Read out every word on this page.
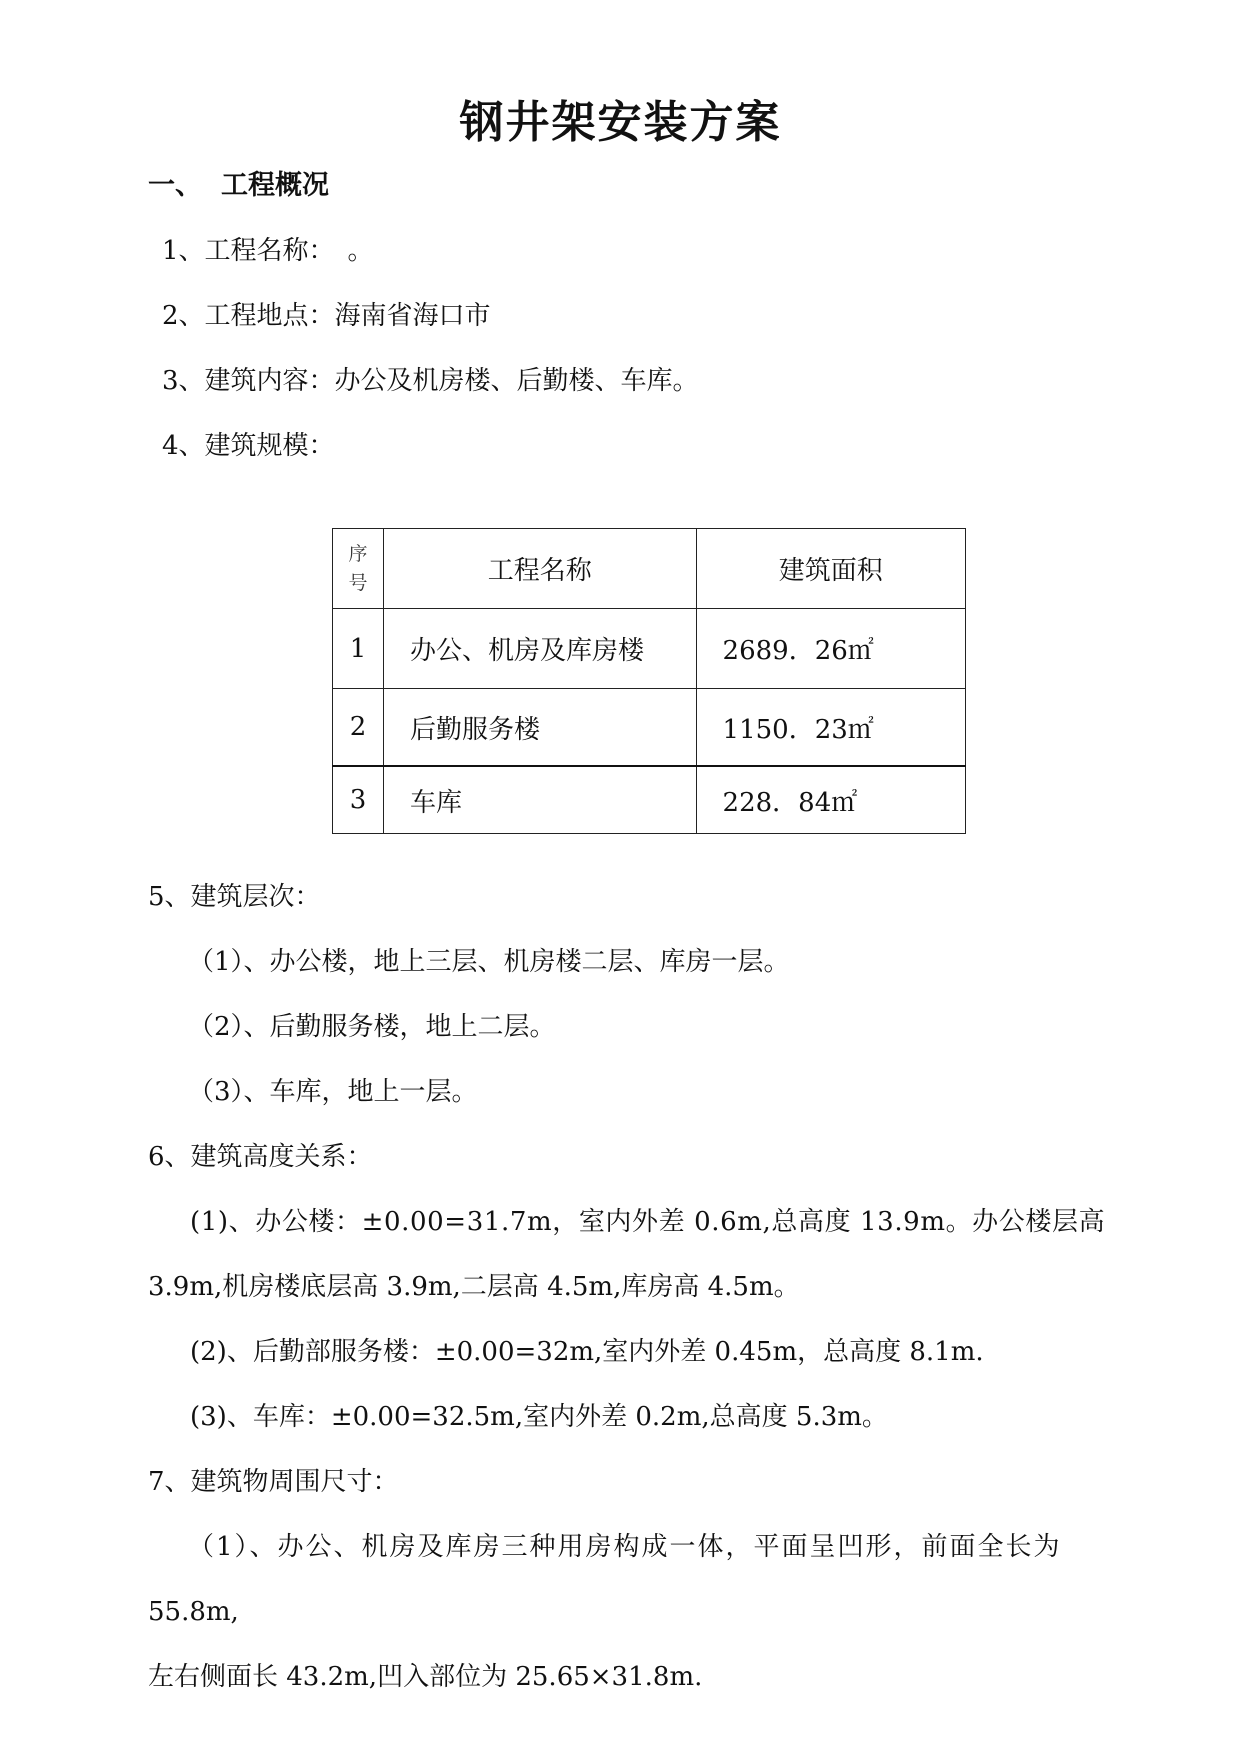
钢井架安装方案
一、 工程概况
1、工程名称：　。
2、工程地点：海南省海口市
3、建筑内容：办公及机房楼、后勤楼、车库。
4、建筑规模：
序号	工程名称	建筑面积
1	办公、机房及库房楼	2689．26㎡
2	后勤服务楼	1150．23㎡
3	车库	228．84㎡
5、建筑层次：
（1）、办公楼，地上三层、机房楼二层、库房一层。
（2）、后勤服务楼，地上二层。
（3）、车库，地上一层。
6、建筑高度关系：
(1)、办公楼：±0.00=31.7m，室内外差 0.6m,总高度 13.9m。办公楼层高
3.9m,机房楼底层高 3.9m,二层高 4.5m,库房高 4.5m。
(2)、后勤部服务楼：±0.00=32m,室内外差 0.45m，总高度 8.1m.
(3)、车库：±0.00=32.5m,室内外差 0.2m,总高度 5.3m。
7、建筑物周围尺寸：
（1）、办公、机房及库房三种用房构成一体，平面呈凹形，前面全长为
55.8m,
左右侧面长 43.2m,凹入部位为 25.65×31.8m.
